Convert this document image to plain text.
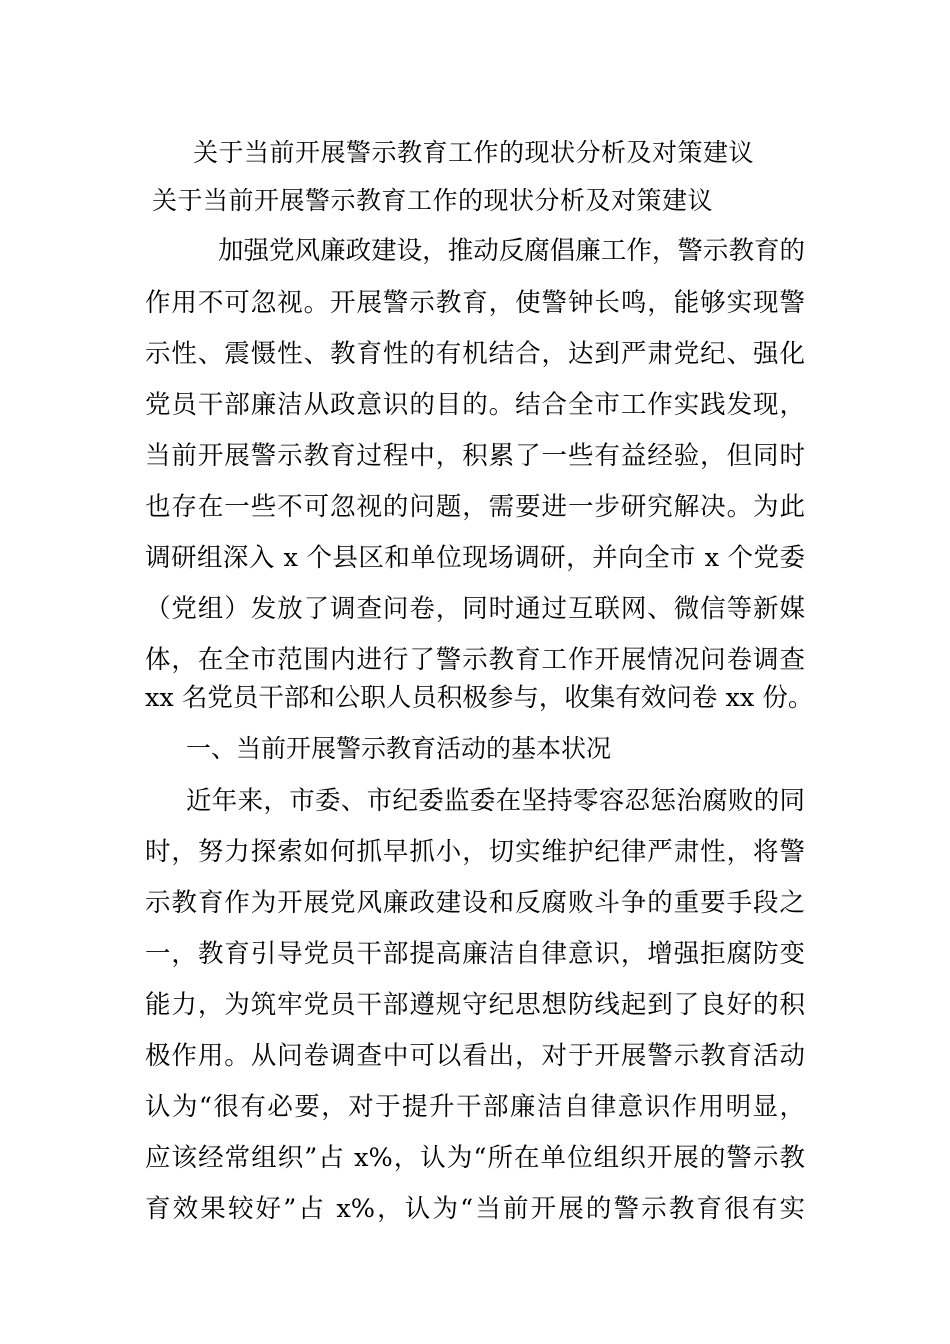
关于当前开展警示教育工作的现状分析及对策建议
关于当前开展警示教育工作的现状分析及对策建议
加强党风廉政建设，推动反腐倡廉工作，警示教育的
作用不可忽视。开展警示教育，使警钟长鸣，能够实现警
示性、震慑性、教育性的有机结合，达到严肃党纪、强化
党员干部廉洁从政意识的目的。结合全市工作实践发现，
当前开展警示教育过程中，积累了一些有益经验，但同时
也存在一些不可忽视的问题，需要进一步研究解决。为此
调研组深入 x 个县区和单位现场调研，并向全市 x 个党委
（党组）发放了调查问卷，同时通过互联网、微信等新媒
体，在全市范围内进行了警示教育工作开展情况问卷调查
xx 名党员干部和公职人员积极参与，收集有效问卷 xx 份。
一、当前开展警示教育活动的基本状况
近年来，市委、市纪委监委在坚持零容忍惩治腐败的同
时，努力探索如何抓早抓小，切实维护纪律严肃性，将警
示教育作为开展党风廉政建设和反腐败斗争的重要手段之
一，教育引导党员干部提高廉洁自律意识，增强拒腐防变
能力，为筑牢党员干部遵规守纪思想防线起到了良好的积
极作用。从问卷调查中可以看出，对于开展警示教育活动
认为“很有必要，对于提升干部廉洁自律意识作用明显，
应该经常组织”占 x%，认为“所在单位组织开展的警示教
育效果较好”占 x%，认为“当前开展的警示教育很有实
